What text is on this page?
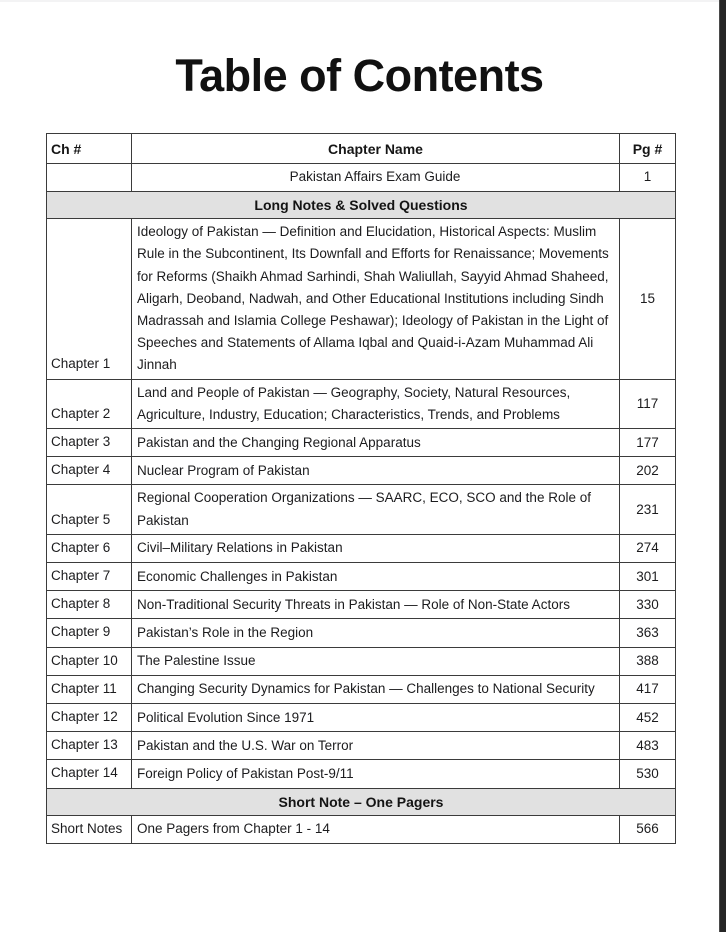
Table of Contents
Ch #	Chapter Name	Pg #
	Pakistan Affairs Exam Guide	1
Long Notes & Solved Questions		
Chapter 1	Ideology of Pakistan — Definition and Elucidation, Historical Aspects: Muslim Rule in the Subcontinent, Its Downfall and Efforts for Renaissance; Movements for Reforms (Shaikh Ahmad Sarhindi, Shah Waliullah, Sayyid Ahmad Shaheed, Aligarh, Deoband, Nadwah, and Other Educational Institutions including Sindh Madrassah and Islamia College Peshawar); Ideology of Pakistan in the Light of Speeches and Statements of Allama Iqbal and Quaid-i-Azam Muhammad Ali Jinnah	15
Chapter 2	Land and People of Pakistan — Geography, Society, Natural Resources, Agriculture, Industry, Education; Characteristics, Trends, and Problems	117
Chapter 3	Pakistan and the Changing Regional Apparatus	177
Chapter 4	Nuclear Program of Pakistan	202
Chapter 5	Regional Cooperation Organizations — SAARC, ECO, SCO and the Role of Pakistan	231
Chapter 6	Civil–Military Relations in Pakistan	274
Chapter 7	Economic Challenges in Pakistan	301
Chapter 8	Non-Traditional Security Threats in Pakistan — Role of Non-State Actors	330
Chapter 9	Pakistan’s Role in the Region	363
Chapter 10	The Palestine Issue	388
Chapter 11	Changing Security Dynamics for Pakistan — Challenges to National Security	417
Chapter 12	Political Evolution Since 1971	452
Chapter 13	Pakistan and the U.S. War on Terror	483
Chapter 14	Foreign Policy of Pakistan Post-9/11	530
Short Note – One Pagers		
Short Notes	One Pagers from Chapter 1 - 14	566
